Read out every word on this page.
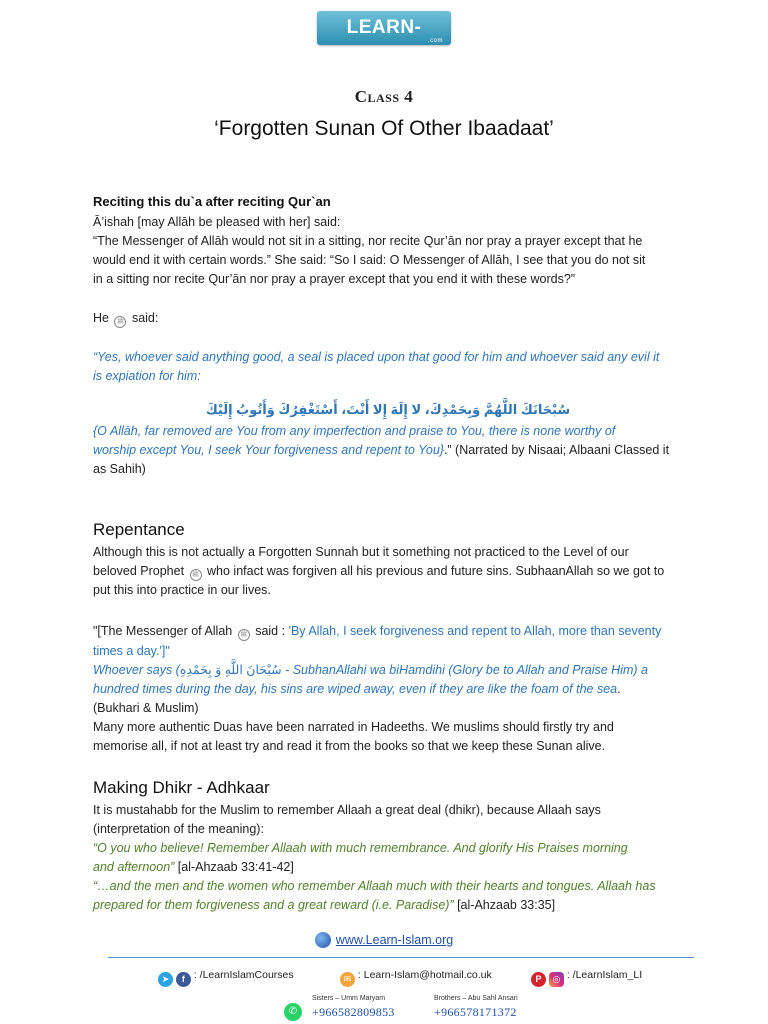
LEARN-ISLAM
.com
Class 4
‘Forgotten Sunan Of Other Ibaadaat’
Reciting this du`a after reciting Qur`an
Ā’ishah [may Allāh be pleased with her] said:
“The Messenger of Allāh would not sit in a sitting, nor recite Qur’ān nor pray a prayer except that he
would end it with certain words.” She said: “So I said: O Messenger of Allāh, I see that you do not sit
in a sitting nor recite Qur’ān nor pray a prayer except that you end it with these words?”
He ﷺ said:
“Yes, whoever said anything good, a seal is placed upon that good for him and whoever said any evil it
is expiation for him:
سُبْحَانَكَ اللَّهُمَّ وَبِحَمْدِكَ، لا إِلَهَ إِلا أَنْتَ، أَسْتَغْفِرُكَ وَأَتُوبُ إِلَيْكَ
{O Allāh, far removed are You from any imperfection and praise to You, there is none worthy of
worship except You, I seek Your forgiveness and repent to You}.” (Narrated by Nisaai; Albaani Classed it
as Sahih)
Repentance
Although this is not actually a Forgotten Sunnah but it something not practiced to the Level of our
beloved Prophet ﷺ who infact was forgiven all his previous and future sins. SubhaanAllah so we got to
put this into practice in our lives.
"[The Messenger of Allah ﷺ said : 'By Allah, I seek forgiveness and repent to Allah, more than seventy
times a day.']"
Whoever says (سُبْحَانَ اللَّهِ وَ بِحَمْدِهِ - SubhanAllahi wa biHamdihi (Glory be to Allah and Praise Him) a
hundred times during the day, his sins are wiped away, even if they are like the foam of the sea.
(Bukhari & Muslim)
Many more authentic Duas have been narrated in Hadeeths. We muslims should firstly try and
memorise all, if not at least try and read it from the books so that we keep these Sunan alive.
Making Dhikr - Adhkaar
It is mustahabb for the Muslim to remember Allaah a great deal (dhikr), because Allaah says
(interpretation of the meaning):
“O you who believe! Remember Allaah with much remembrance. And glorify His Praises morning
and afternoon” [al-Ahzaab 33:41-42]
“…and the men and the women who remember Allaah much with their hearts and tongues. Allaah has
prepared for them forgiveness and a great reward (i.e. Paradise)” [al-Ahzaab 33:35]
www.Learn-Islam.org
➤ f : /LearnIslamCourses	✉ : Learn-Islam@hotmail.co.uk	P ◎ : /LearnIslam_LI
✆
Sisters – Umm Maryam
+966582809853
Brothers – Abu Sahl Ansari
+966578171372
